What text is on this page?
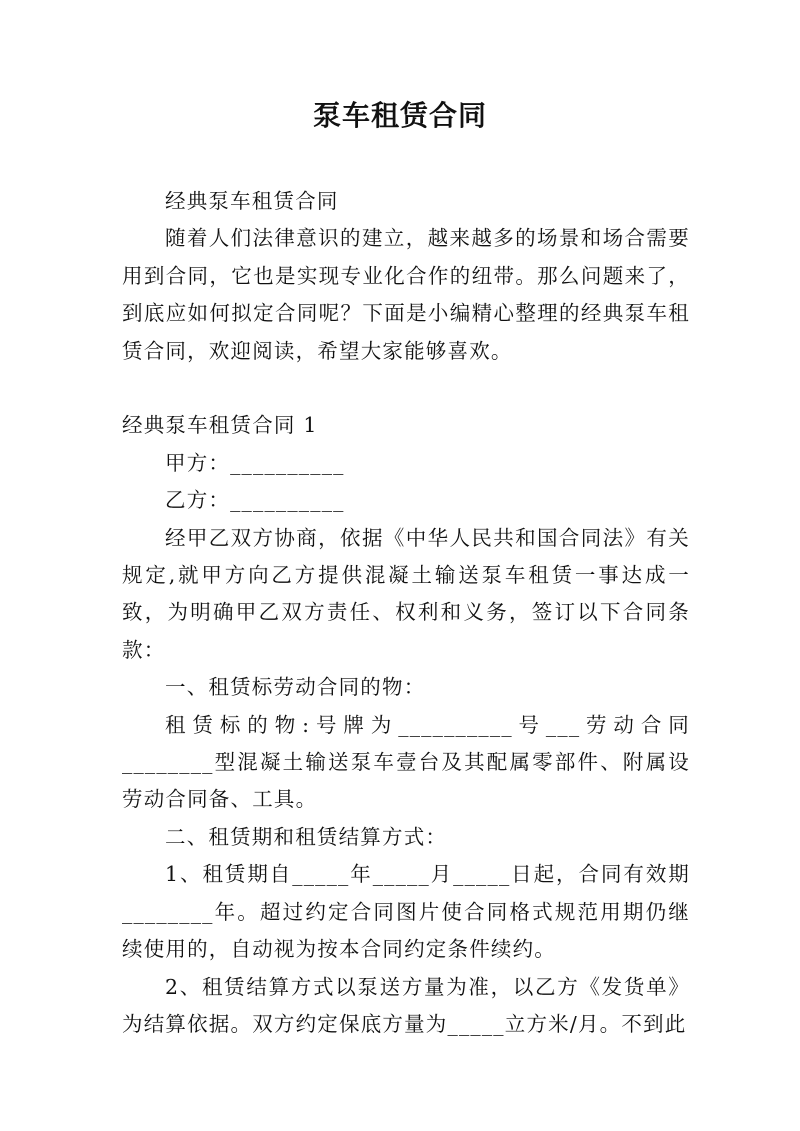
泵车租赁合同

经典泵车租赁合同

随着人们法律意识的建立，越来越多的场景和场合需要用到合同，它也是实现专业化合作的纽带。那么问题来了，到底应如何拟定合同呢？下面是小编精心整理的经典泵车租赁合同，欢迎阅读，希望大家能够喜欢。

经典泵车租赁合同 1

甲方：__________

乙方：__________

经甲乙双方协商，依据《中华人民共和国合同法》有关规定,就甲方向乙方提供混凝土输送泵车租赁一事达成一致，为明确甲乙双方责任、权利和义务，签订以下合同条款：

一、租赁标劳动合同的物：

租赁标的物:号牌为__________号___劳动合同________型混凝土输送泵车壹台及其配属零部件、附属设劳动合同备、工具。

二、租赁期和租赁结算方式：

1、租赁期自_____年_____月_____日起，合同有效期________年。超过约定合同图片使合同格式规范用期仍继续使用的，自动视为按本合同约定条件续约。

2、租赁结算方式以泵送方量为准，以乙方《发货单》为结算依据。双方约定保底方量为_____立方米/月。不到此
